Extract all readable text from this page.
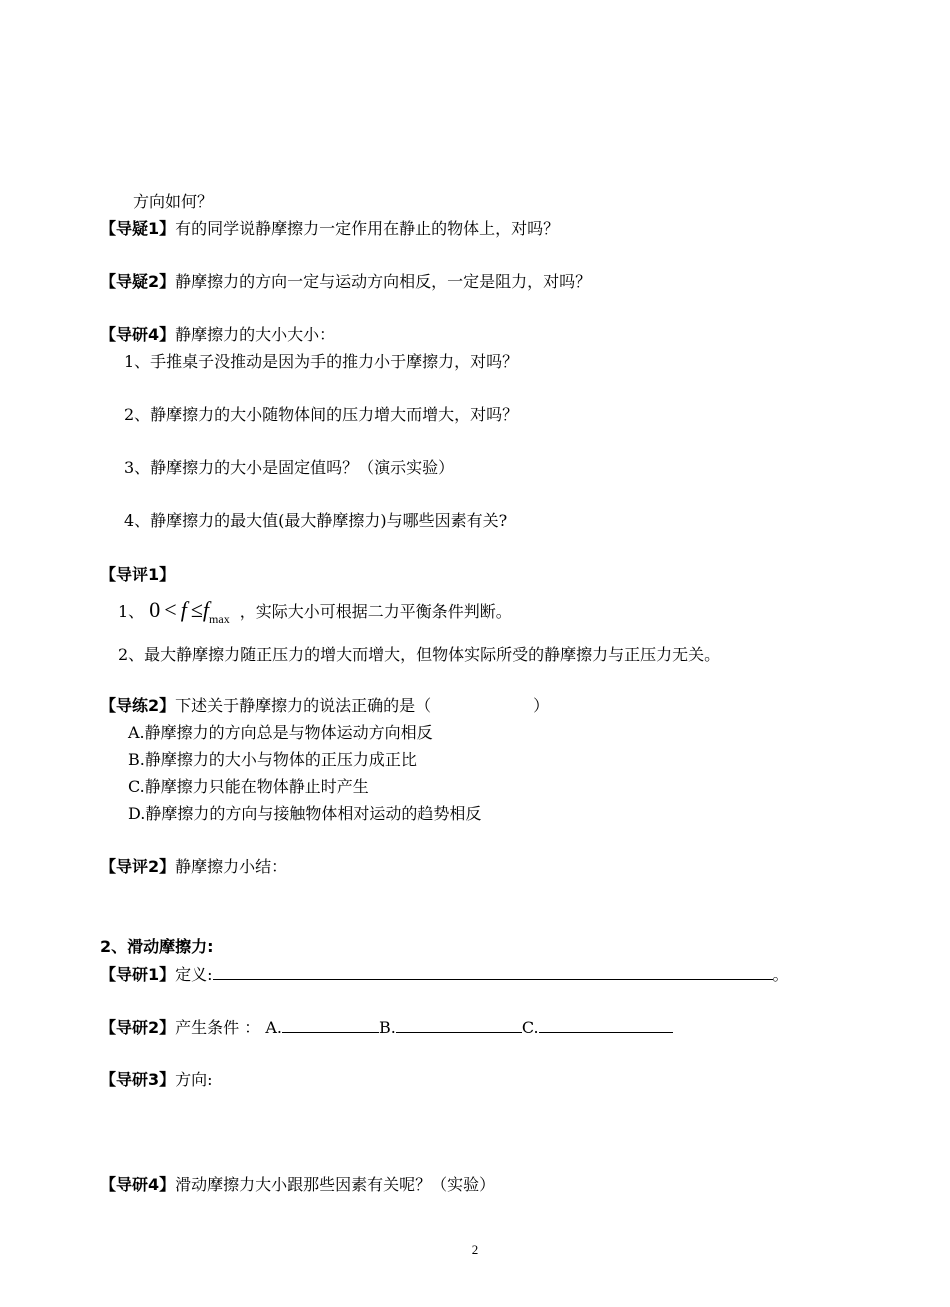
方向如何？
【导疑1】有的同学说静摩擦力一定作用在静止的物体上，对吗？
【导疑2】静摩擦力的方向一定与运动方向相反，一定是阻力，对吗？
【导研4】静摩擦力的大小大小：
1、手推桌子没推动是因为手的推力小于摩擦力，对吗？
2、静摩擦力的大小随物体间的压力增大而增大，对吗？
3、静摩擦力的大小是固定值吗？（演示实验）
4、静摩擦力的最大值(最大静摩擦力)与哪些因素有关?
【导评1】
1、 $0 < f \le f_{max}$ ，实际大小可根据二力平衡条件判断。
2、最大静摩擦力随正压力的增大而增大，但物体实际所受的静摩擦力与正压力无关。
【导练2】下述关于静摩擦力的说法正确的是（	）
A.静摩擦力的方向总是与物体运动方向相反
B.静摩擦力的大小与物体的正压力成正比
C.静摩擦力只能在物体静止时产生
D.静摩擦力的方向与接触物体相对运动的趋势相反
【导评2】静摩擦力小结：
2、滑动摩擦力:
【导研1】定义:	。
【导研2】产生条件 ： A.	B.	C.
【导研3】方向:
【导研4】滑动摩擦力大小跟那些因素有关呢？（实验）
2
